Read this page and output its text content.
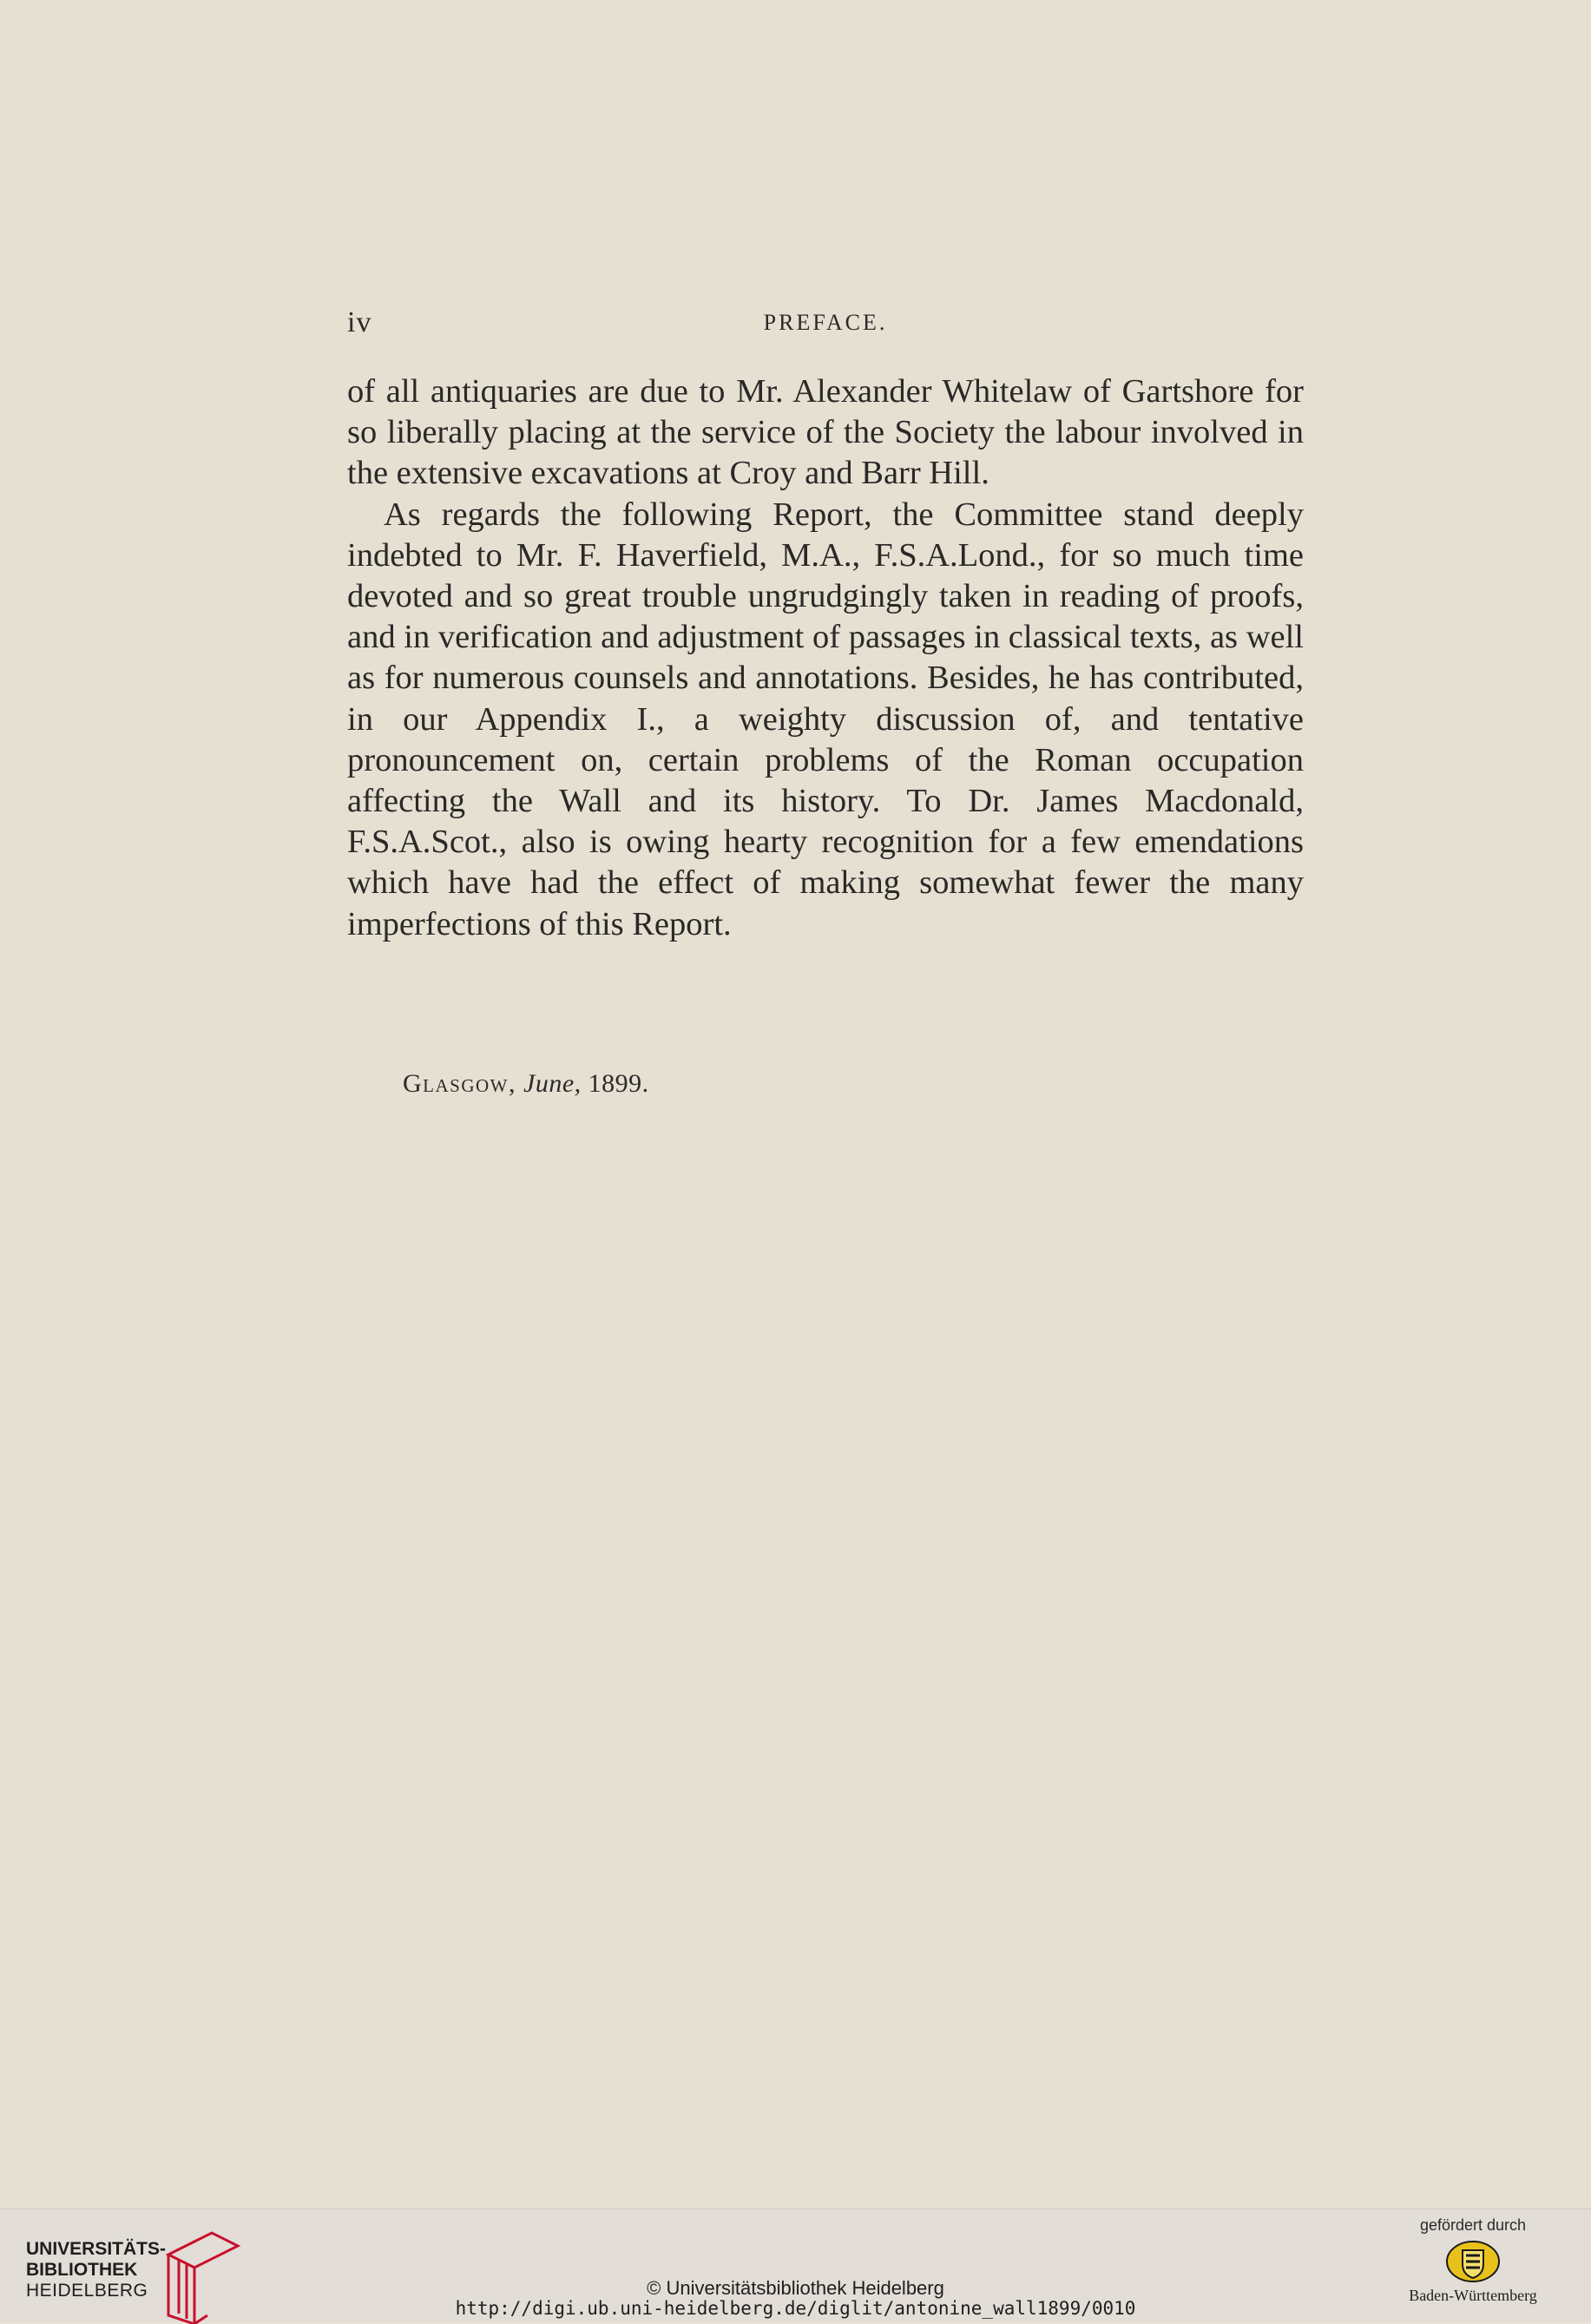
iv	PREFACE.

of all antiquaries are due to Mr. Alexander Whitelaw of Gartshore for so liberally placing at the service of the Society the labour involved in the extensive excavations at Croy and Barr Hill.

As regards the following Report, the Committee stand deeply indebted to Mr. F. Haverfield, M.A., F.S.A.Lond., for so much time devoted and so great trouble ungrudgingly taken in reading of proofs, and in verification and adjustment of passages in classical texts, as well as for numerous counsels and annotations. Besides, he has contributed, in our Appendix I., a weighty discussion of, and tentative pronouncement on, certain problems of the Roman occupation affecting the Wall and its history. To Dr. James Macdonald, F.S.A.Scot., also is owing hearty recognition for a few emendations which have had the effect of making somewhat fewer the many imperfections of this Report.

Glasgow, June, 1899.
UNIVERSITÄTS-
BIBLIOTHEK
HEIDELBERG	© Universitätsbibliothek Heidelberg
http://digi.ub.uni-heidelberg.de/diglit/antonine_wall1899/0010
gefördert durch
Baden-Württemberg
